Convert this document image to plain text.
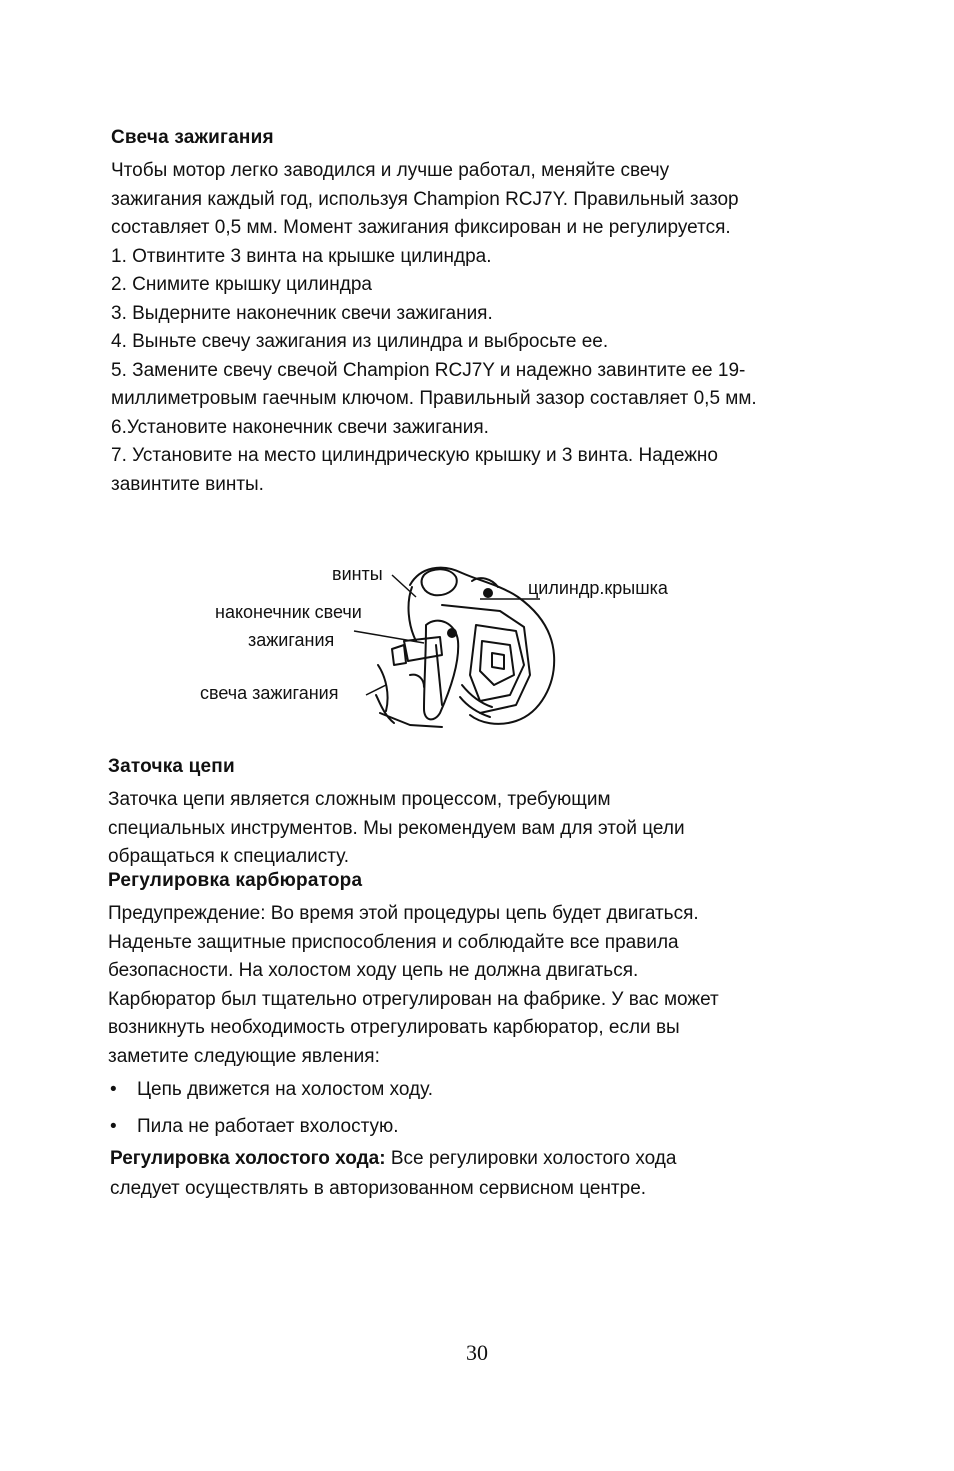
Свеча зажигания

Чтобы мотор легко заводился и лучше работал, меняйте свечу

зажигания каждый год, используя Champion RCJ7Y. Правильный зазор

составляет 0,5 мм. Момент зажигания фиксирован и не регулируется.

1. Отвинтите 3 винта на крышке цилиндра.

2. Снимите крышку цилиндра

3. Выдерните наконечник свечи зажигания.

4. Выньте свечу зажигания из цилиндра и выбросьте ее.

5. Замените свечу свечой Champion RCJ7Y и надежно завинтите ее 19-

миллиметровым гаечным ключом. Правильный зазор составляет 0,5 мм.

6.Установите наконечник свечи зажигания.

7. Установите на место цилиндрическую крышку и 3 винта. Надежно

завинтите винты.

винты
цилиндр.крышка
наконечник свечи
зажигания
свеча зажигания
Заточка цепи

Заточка цепи является сложным процессом, требующим

специальных инструментов. Мы рекомендуем вам для этой цели

обращаться к специалисту.

Регулировка карбюратора

Предупреждение: Во время этой процедуры цепь будет двигаться.

Наденьте защитные приспособления и соблюдайте все правила

безопасности. На холостом ходу цепь не должна двигаться.

Карбюратор был тщательно отрегулирован на фабрике. У вас может

возникнуть необходимость отрегулировать карбюратор, если вы

заметите следующие явления:

• Цепь движется на холостом ходу.
• Пила не работает вхолостую.

Регулировка холостого хода: Все регулировки холостого хода

следует осуществлять в авторизованном сервисном центре.

30
